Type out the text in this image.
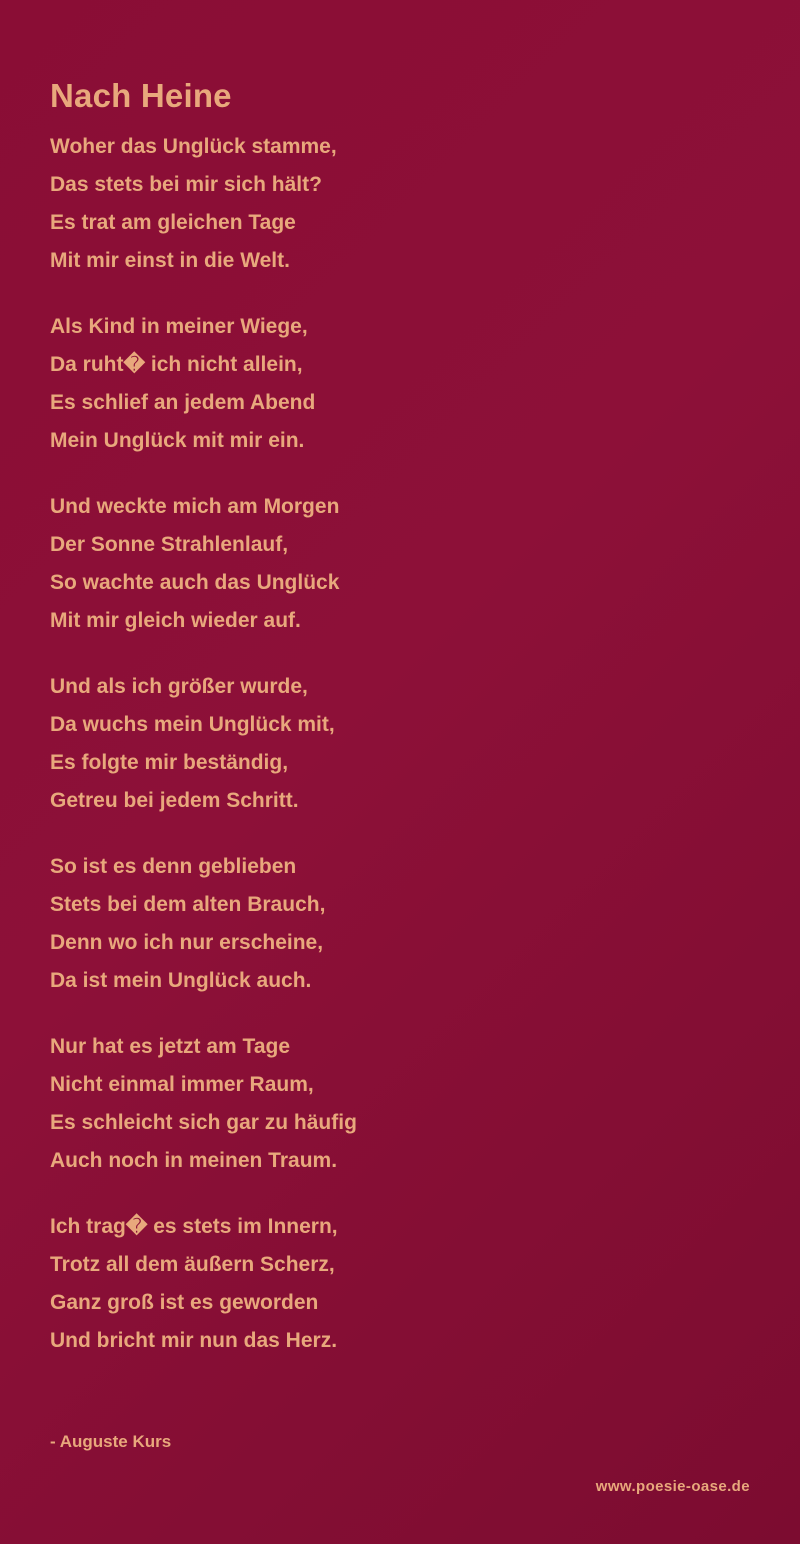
Nach Heine
Woher das Unglück stamme,
Das stets bei mir sich hält?
Es trat am gleichen Tage
Mit mir einst in die Welt.
Als Kind in meiner Wiege,
Da ruht� ich nicht allein,
Es schlief an jedem Abend
Mein Unglück mit mir ein.
Und weckte mich am Morgen
Der Sonne Strahlenlauf,
So wachte auch das Unglück
Mit mir gleich wieder auf.
Und als ich größer wurde,
Da wuchs mein Unglück mit,
Es folgte mir beständig,
Getreu bei jedem Schritt.
So ist es denn geblieben
Stets bei dem alten Brauch,
Denn wo ich nur erscheine,
Da ist mein Unglück auch.
Nur hat es jetzt am Tage
Nicht einmal immer Raum,
Es schleicht sich gar zu häufig
Auch noch in meinen Traum.
Ich trag� es stets im Innern,
Trotz all dem äußern Scherz,
Ganz groß ist es geworden
Und bricht mir nun das Herz.
- Auguste Kurs
www.poesie-oase.de
